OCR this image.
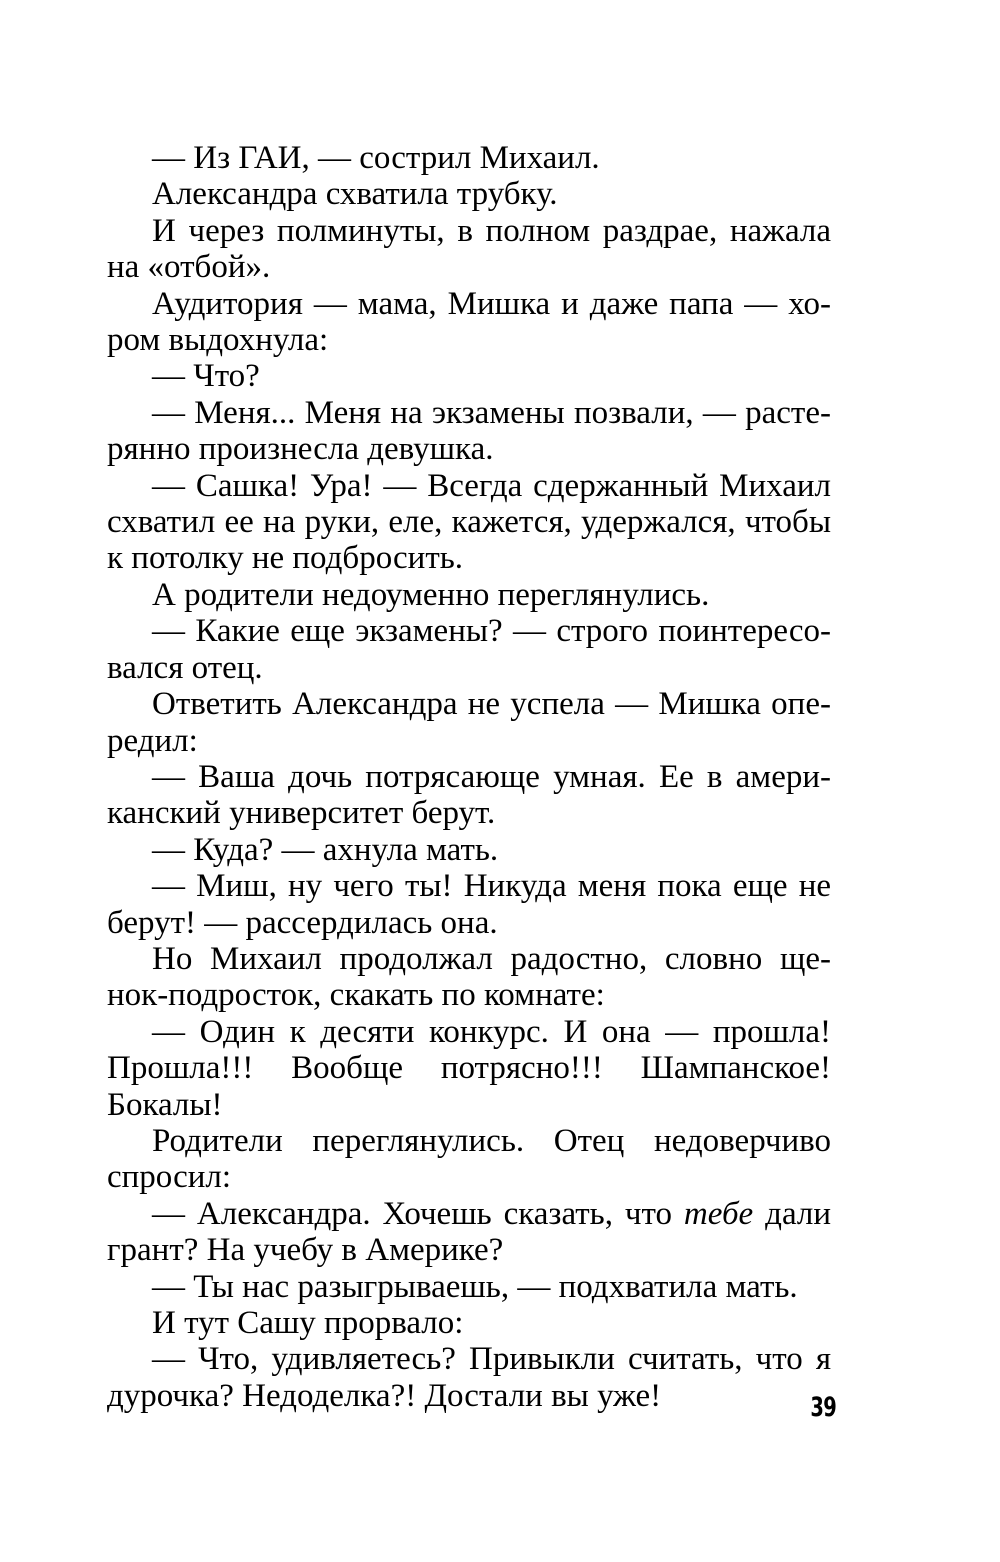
— Из ГАИ, — сострил Михаил.

Александра схватила трубку.

И через полминуты, в полном раздрае, нажала на «отбой».

Аудитория — мама, Мишка и даже папа — хором выдохнула:

— Что?

— Меня... Меня на экзамены позвали, — растерянно произнесла девушка.

— Сашка! Ура! — Всегда сдержанный Михаил схватил ее на руки, еле, кажется, удержался, чтобы к потолку не подбросить.

А родители недоуменно переглянулись.

— Какие еще экзамены? — строго поинтересовался отец.

Ответить Александра не успела — Мишка опередил:

— Ваша дочь потрясающе умная. Ее в американский университет берут.

— Куда? — ахнула мать.

— Миш, ну чего ты! Никуда меня пока еще не берут! — рассердилась она.

Но Михаил продолжал радостно, словно щенок-подросток, скакать по комнате:

— Один к десяти конкурс. И она — прошла! Прошла!!! Вообще потрясно!!! Шампанское! Бокалы!

Родители переглянулись. Отец недоверчиво спросил:

— Александра. Хочешь сказать, что тебе дали грант? На учебу в Америке?

— Ты нас разыгрываешь, — подхватила мать.

И тут Сашу прорвало:

— Что, удивляетесь? Привыкли считать, что я дурочка? Недоделка?! Достали вы уже!	39
